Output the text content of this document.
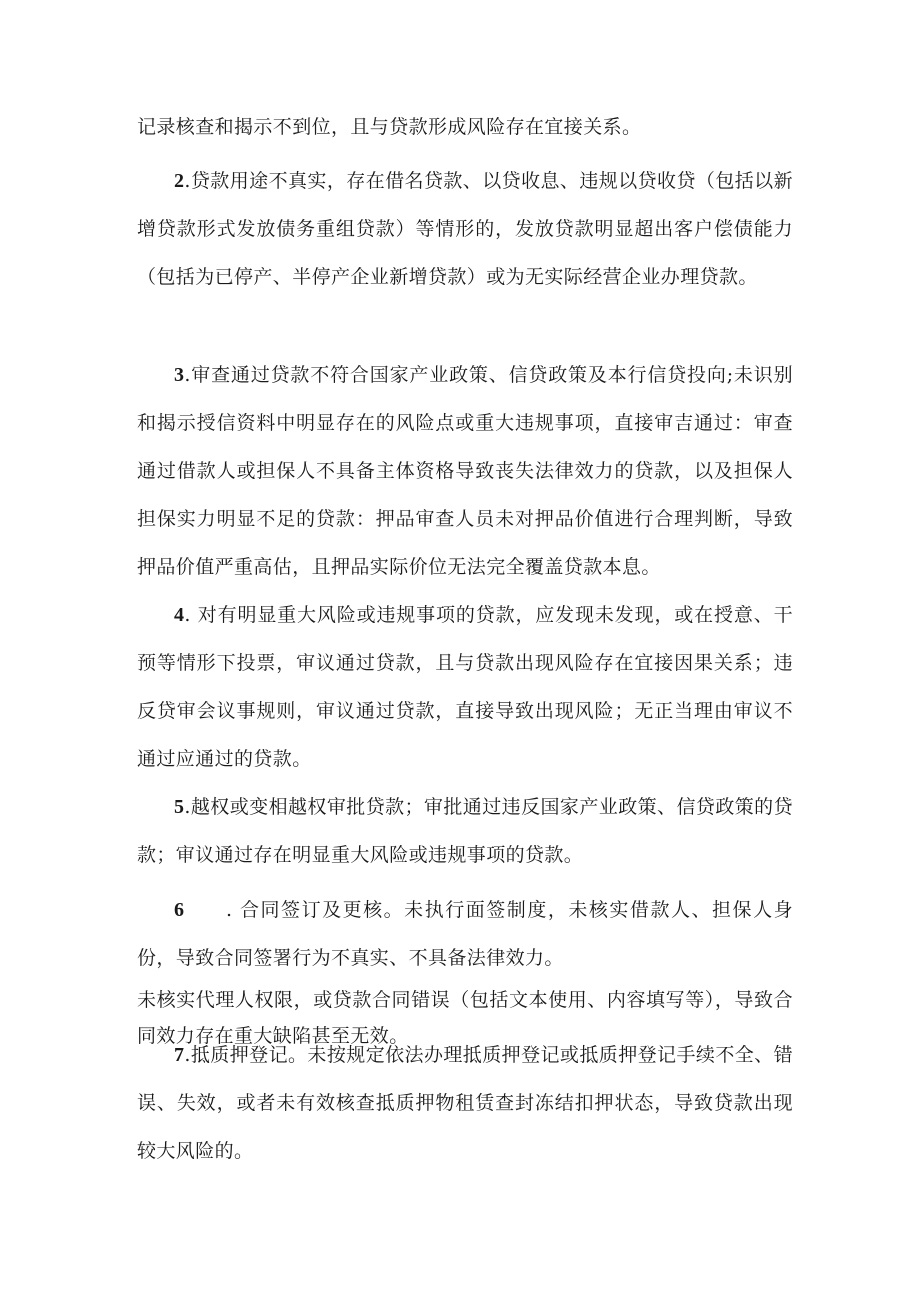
记录核查和揭示不到位，且与贷款形成风险存在宜接关系。

2.贷款用途不真实，存在借名贷款、以贷收息、违规以贷收贷（包括以新增贷款形式发放债务重组贷款）等情形的，发放贷款明显超出客户偿债能力（包括为已停产、半停产企业新增贷款）或为无实际经营企业办理贷款。

3.审查通过贷款不符合国家产业政策、信贷政策及本行信贷投向;未识别和揭示授信资料中明显存在的风险点或重大违规事项，直接审吉通过：审查通过借款人或担保人不具备主体资格导致丧失法律效力的贷款，以及担保人担保实力明显不足的贷款：押品审查人员未对押品价值进行合理判断，导致押品价值严重高估，且押品实际价位无法完全覆盖贷款本息。

4. 对有明显重大风险或违规事项的贷款，应发现未发现，或在授意、干预等情形下投票，审议通过贷款，且与贷款出现风险存在宜接因果关系；违反贷审会议事规则，审议通过贷款，直接导致出现风险；无正当理由审议不通过应通过的贷款。

5.越权或变相越权审批贷款；审批通过违反国家产业政策、信贷政策的贷款；审议通过存在明显重大风险或违规事项的贷款。

6 . 合同签订及更核。未执行面签制度，未核实借款人、担保人身份，导致合同签署行为不真实、不具备法律效力。
未核实代理人权限，或贷款合同错误（包括文本使用、内容填写等），导致合同效力存在重大缺陷甚至无效。

7.抵质押登记。未按规定依法办理抵质押登记或抵质押登记手续不全、错误、失效，或者未有效核查抵质押物租赁查封冻结扣押状态，导致贷款出现较大风险的。
